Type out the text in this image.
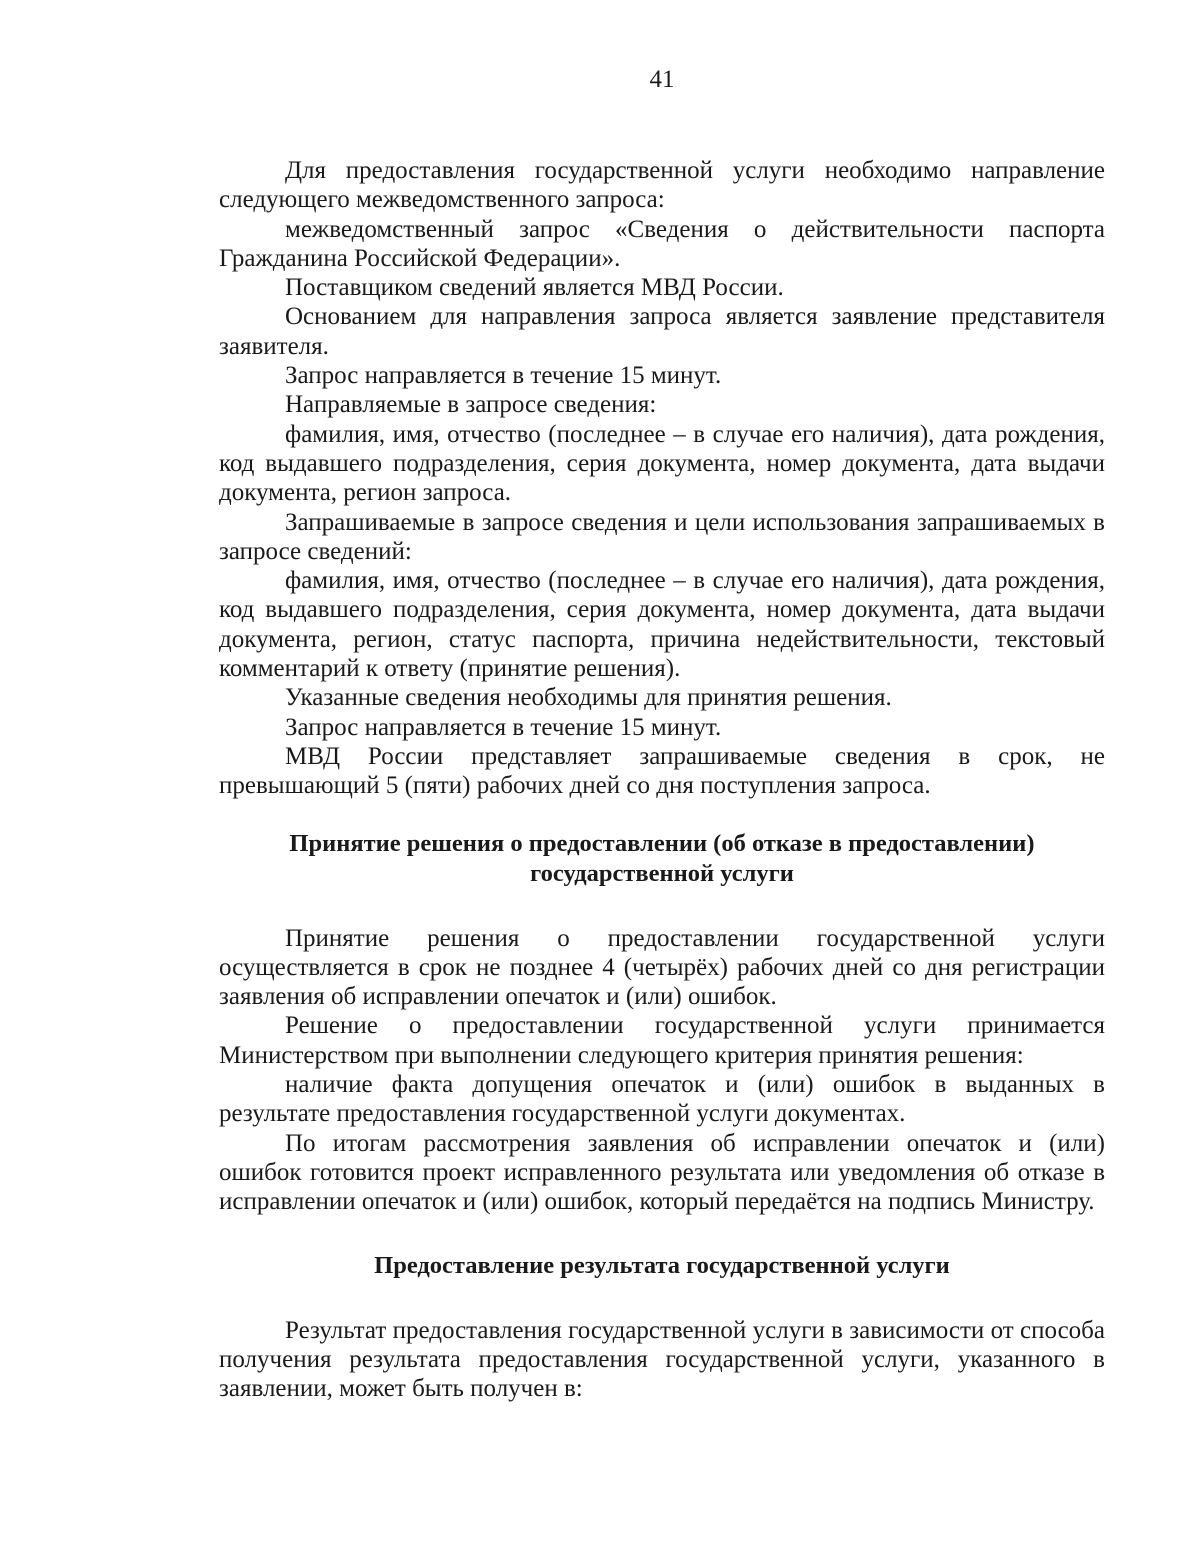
41

Для предоставления государственной услуги необходимо направление следующего межведомственного запроса:

межведомственный запрос «Сведения о действительности паспорта Гражданина Российской Федерации».

Поставщиком сведений является МВД России.

Основанием для направления запроса является заявление представителя заявителя.

Запрос направляется в течение 15 минут.

Направляемые в запросе сведения:

фамилия, имя, отчество (последнее – в случае его наличия), дата рождения, код выдавшего подразделения, серия документа, номер документа, дата выдачи документа, регион запроса.

Запрашиваемые в запросе сведения и цели использования запрашиваемых в запросе сведений:

фамилия, имя, отчество (последнее – в случае его наличия), дата рождения, код выдавшего подразделения, серия документа, номер документа, дата выдачи документа, регион, статус паспорта, причина недействительности, текстовый комментарий к ответу (принятие решения).

Указанные сведения необходимы для принятия решения.

Запрос направляется в течение 15 минут.

МВД России представляет запрашиваемые сведения в срок, не превышающий 5 (пяти) рабочих дней со дня поступления запроса.

Принятие решения о предоставлении (об отказе в предоставлении)
государственной услуги

Принятие решения о предоставлении государственной услуги осуществляется в срок не позднее 4 (четырёх) рабочих дней со дня регистрации заявления об исправлении опечаток и (или) ошибок.

Решение о предоставлении государственной услуги принимается Министерством при выполнении следующего критерия принятия решения:

наличие факта допущения опечаток и (или) ошибок в выданных в результате предоставления государственной услуги документах.

По итогам рассмотрения заявления об исправлении опечаток и (или) ошибок готовится проект исправленного результата или уведомления об отказе в исправлении опечаток и (или) ошибок, который передаётся на подпись Министру.

Предоставление результата государственной услуги

Результат предоставления государственной услуги в зависимости от способа получения результата предоставления государственной услуги, указанного в заявлении, может быть получен в:
